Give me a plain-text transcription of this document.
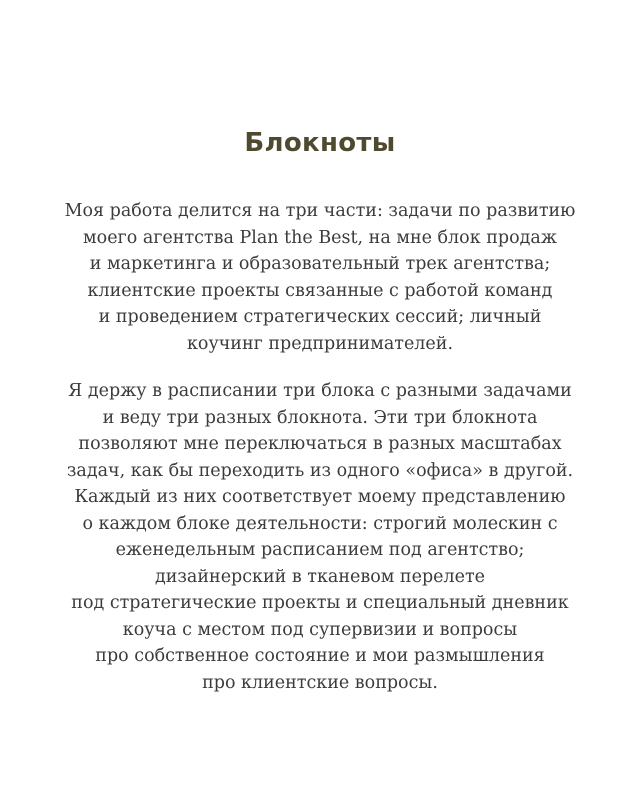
Блокноты

Моя работа делится на три части: задачи по развитию
моего агентства Plan the Best, на мне блок продаж
и маркетинга и образовательный трек агентства;
клиентские проекты связанные с работой команд
и проведением стратегических сессий; личный
коучинг предпринимателей.

Я держу в расписании три блока с разными задачами
и веду три разных блокнота. Эти три блокнота
позволяют мне переключаться в разных масштабах
задач, как бы переходить из одного «офиса» в другой.
Каждый из них соответствует моему представлению
о каждом блоке деятельности: строгий молескин с
еженедельным расписанием под агентство;
дизайнерский в тканевом перелете
под стратегические проекты и специальный дневник
коуча с местом под супервизии и вопросы
про собственное состояние и мои размышления
про клиентские вопросы.
